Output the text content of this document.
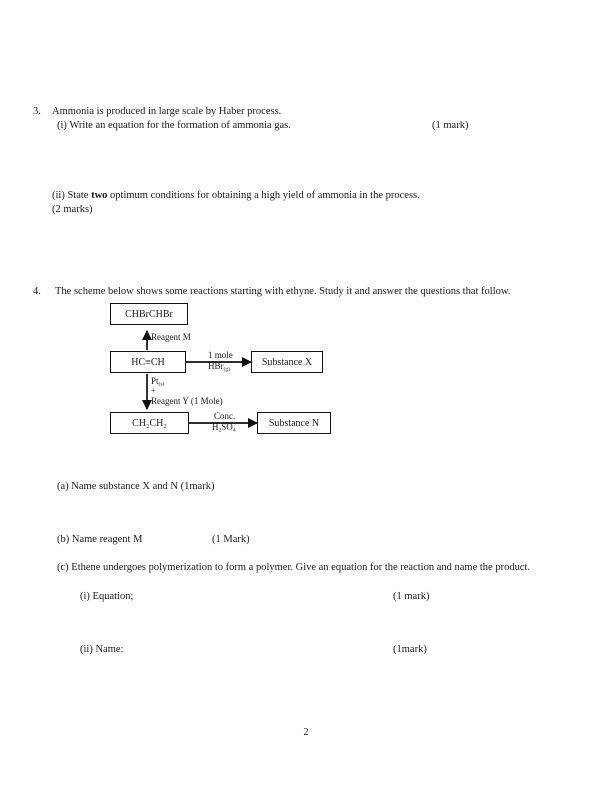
3. Ammonia is produced in large scale by Haber process.
(i) Write an equation for the formation of ammonia gas.	(1 mark)
(ii) State two optimum conditions for obtaining a high yield of ammonia in the process.
(2 marks)
4. The scheme below shows some reactions starting with ethyne. Study it and answer the questions that follow.
CHBrCHBr
HC≡CH
CH₂CH₂
Substance X
Substance N
Reagent M
1 mole
HBr$_{(g)}$
$Pt_{(s)}$
+
Reagent Y (1 Mole)
Conc.
$H_2SO_4$
(a) Name substance X and N (1mark)
(b) Name reagent M	(1 Mark)
(c) Ethene undergoes polymerization to form a polymer. Give an equation for the reaction and name the product.
(i) Equation;	(1 mark)
(ii) Name:	(1mark)
2
